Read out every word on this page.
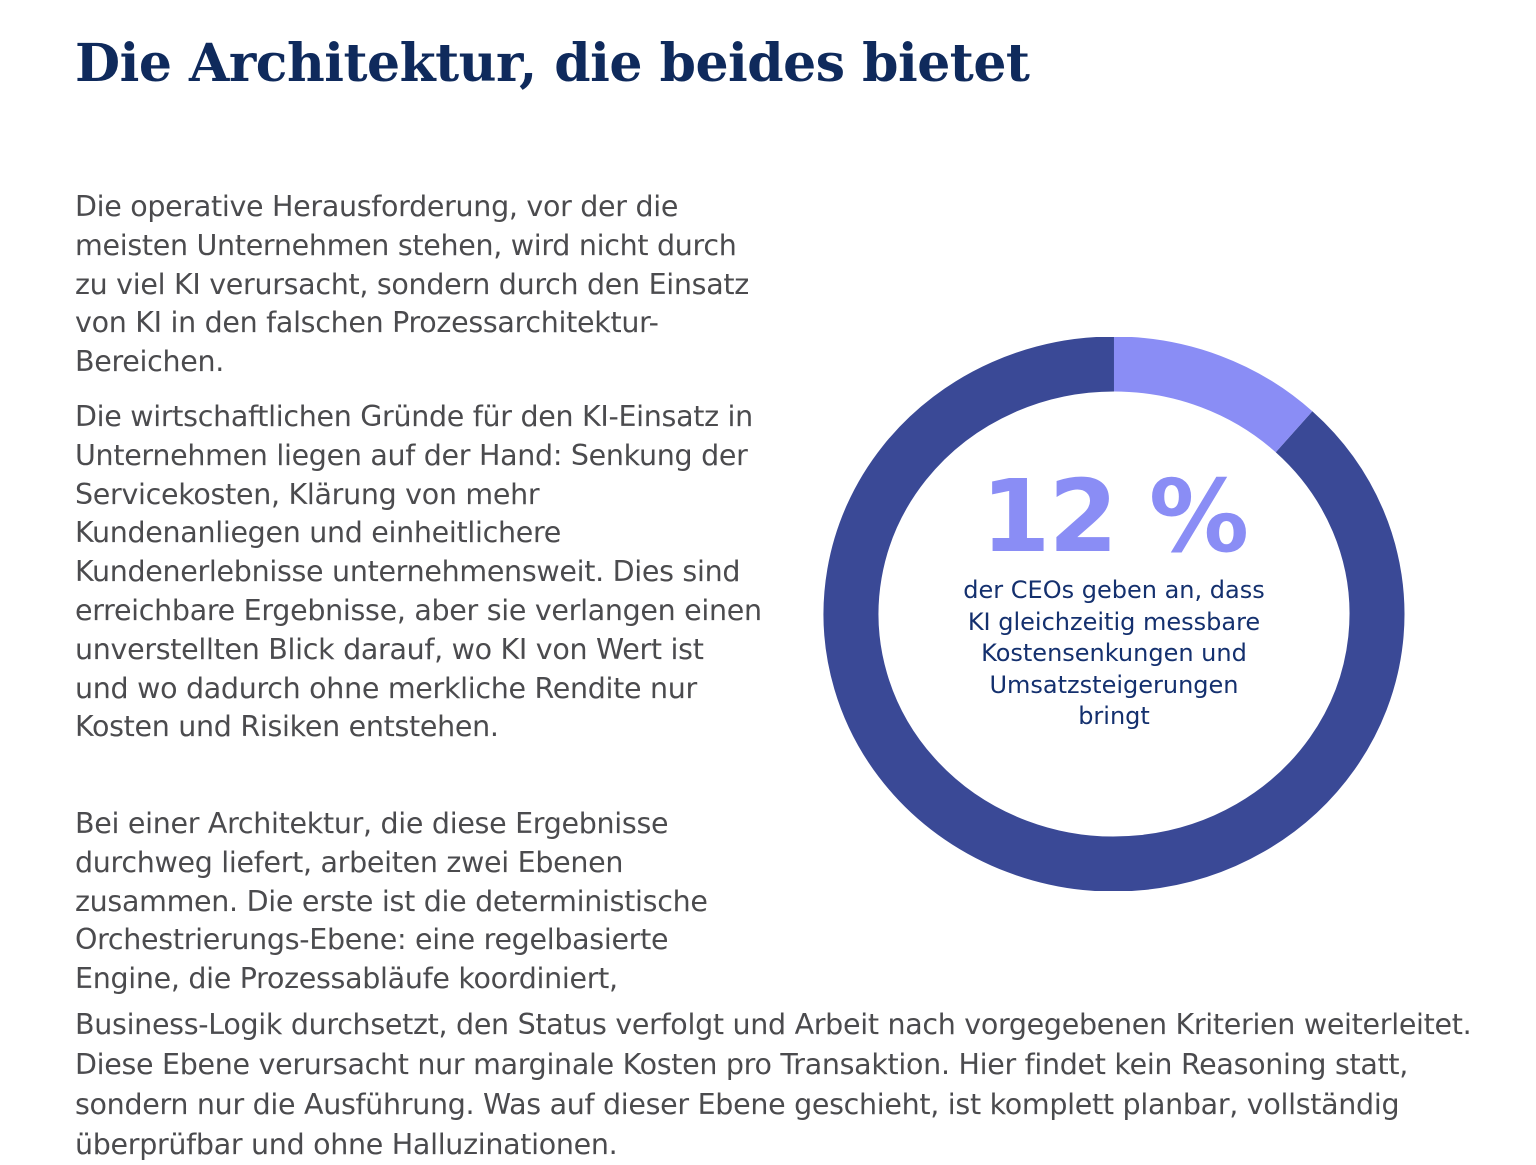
Die Architektur, die beides bietet

Die operative Herausforderung, vor der die meisten Unternehmen stehen, wird nicht durch zu viel KI verursacht, sondern durch den Einsatz von KI in den falschen Prozessarchitektur-Bereichen.

Die wirtschaftlichen Gründe für den KI-Einsatz in Unternehmen liegen auf der Hand: Senkung der Servicekosten, Klärung von mehr Kundenanliegen und einheitlichere Kundenerlebnisse unternehmensweit. Dies sind erreichbare Ergebnisse, aber sie verlangen einen unverstellten Blick darauf, wo KI von Wert ist und wo dadurch ohne merkliche Rendite nur Kosten und Risiken entstehen.

Bei einer Architektur, die diese Ergebnisse durchweg liefert, arbeiten zwei Ebenen zusammen. Die erste ist die deterministische Orchestrierungs-Ebene: eine regelbasierte Engine, die Prozessabläufe koordiniert,

Business-Logik durchsetzt, den Status verfolgt und Arbeit nach vorgegebenen Kriterien weiterleitet. Diese Ebene verursacht nur marginale Kosten pro Transaktion. Hier findet kein Reasoning statt, sondern nur die Ausführung. Was auf dieser Ebene geschieht, ist komplett planbar, vollständig überprüfbar und ohne Halluzinationen.

12 %

der CEOs geben an, dass KI gleichzeitig messbare Kostensenkungen und Umsatzsteigerungen bringt
